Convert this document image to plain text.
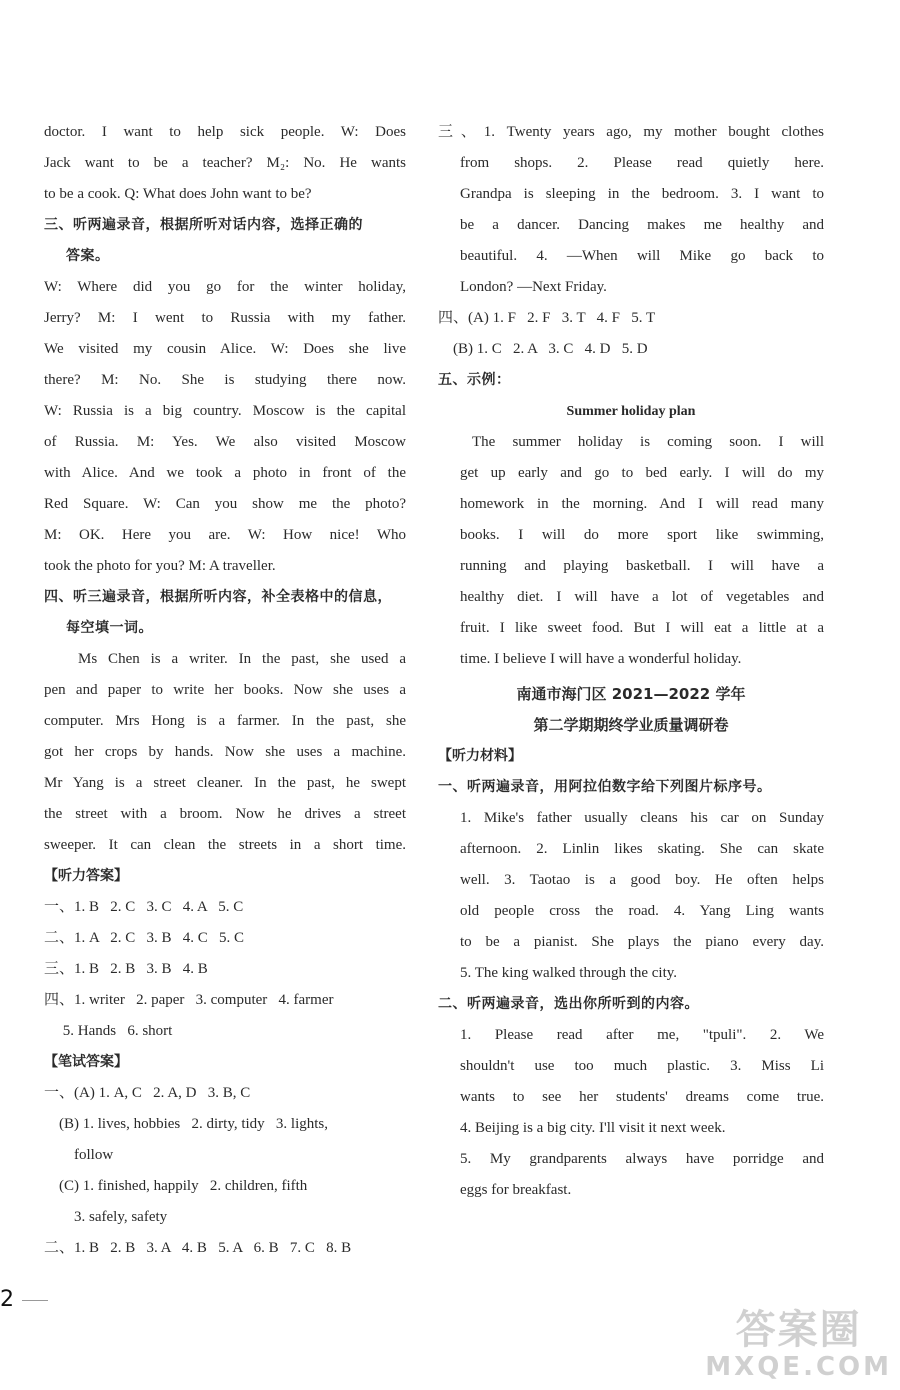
doctor. I want to help sick people. W: Does

Jack want to be a teacher? M₂: No. He wants

to be a cook. Q: What does John want to be?

三、听两遍录音，根据所听对话内容，选择正确的

答案。

W: Where did you go for the winter holiday,

Jerry? M: I went to Russia with my father.

We visited my cousin Alice. W: Does she live

there? M: No. She is studying there now.

W: Russia is a big country. Moscow is the capital

of Russia. M: Yes. We also visited Moscow

with Alice. And we took a photo in front of the

Red Square. W: Can you show me the photo?

M: OK. Here you are. W: How nice! Who

took the photo for you? M: A traveller.

四、听三遍录音，根据所听内容，补全表格中的信息，

每空填一词。

Ms Chen is a writer. In the past, she used a

pen and paper to write her books. Now she uses a

computer. Mrs Hong is a farmer. In the past, she

got her crops by hands. Now she uses a machine.

Mr Yang is a street cleaner. In the past, he swept

the street with a broom. Now he drives a street

sweeper. It can clean the streets in a short time.

【听力答案】

一、1. B   2. C   3. C   4. A   5. C

二、1. A   2. C   3. B   4. C   5. C

三、1. B   2. B   3. B   4. B

四、1. writer   2. paper   3. computer   4. farmer

5. Hands   6. short

【笔试答案】

一、(A) 1. A, C   2. A, D   3. B, C

(B) 1. lives, hobbies   2. dirty, tidy   3. lights,

follow

(C) 1. finished, happily   2. children, fifth

3. safely, safety

二、1. B   2. B   3. A   4. B   5. A   6. B   7. C   8. B

三、1. Twenty years ago, my mother bought clothes

from shops. 2. Please read quietly here.

Grandpa is sleeping in the bedroom. 3. I want to

be a dancer. Dancing makes me healthy and

beautiful. 4. —When will Mike go back to

London? —Next Friday.

四、(A) 1. F   2. F   3. T   4. F   5. T

(B) 1. C   2. A   3. C   4. D   5. D

五、示例：

Summer holiday plan

The summer holiday is coming soon. I will

get up early and go to bed early. I will do my

homework in the morning. And I will read many

books. I will do more sport like swimming,

running and playing basketball. I will have a

healthy diet. I will have a lot of vegetables and

fruit. I like sweet food. But I will eat a little at a

time. I believe I will have a wonderful holiday.

南通市海门区 2021—2022 学年

第二学期期终学业质量调研卷

【听力材料】

一、听两遍录音，用阿拉伯数字给下列图片标序号。

1. Mike's father usually cleans his car on Sunday

afternoon. 2. Linlin likes skating. She can skate

well. 3. Taotao is a good boy. He often helps

old people cross the road. 4. Yang Ling wants

to be a pianist. She plays the piano every day.

5. The king walked through the city.

二、听两遍录音，选出你所听到的内容。

1. Please read after me, "tpuli". 2. We

shouldn't use too much plastic. 3. Miss Li

wants to see her students' dreams come true.

4. Beijing is a big city. I'll visit it next week.

5. My grandparents always have porridge and

eggs for breakfast.

2
答案圈
MXQE.COM
